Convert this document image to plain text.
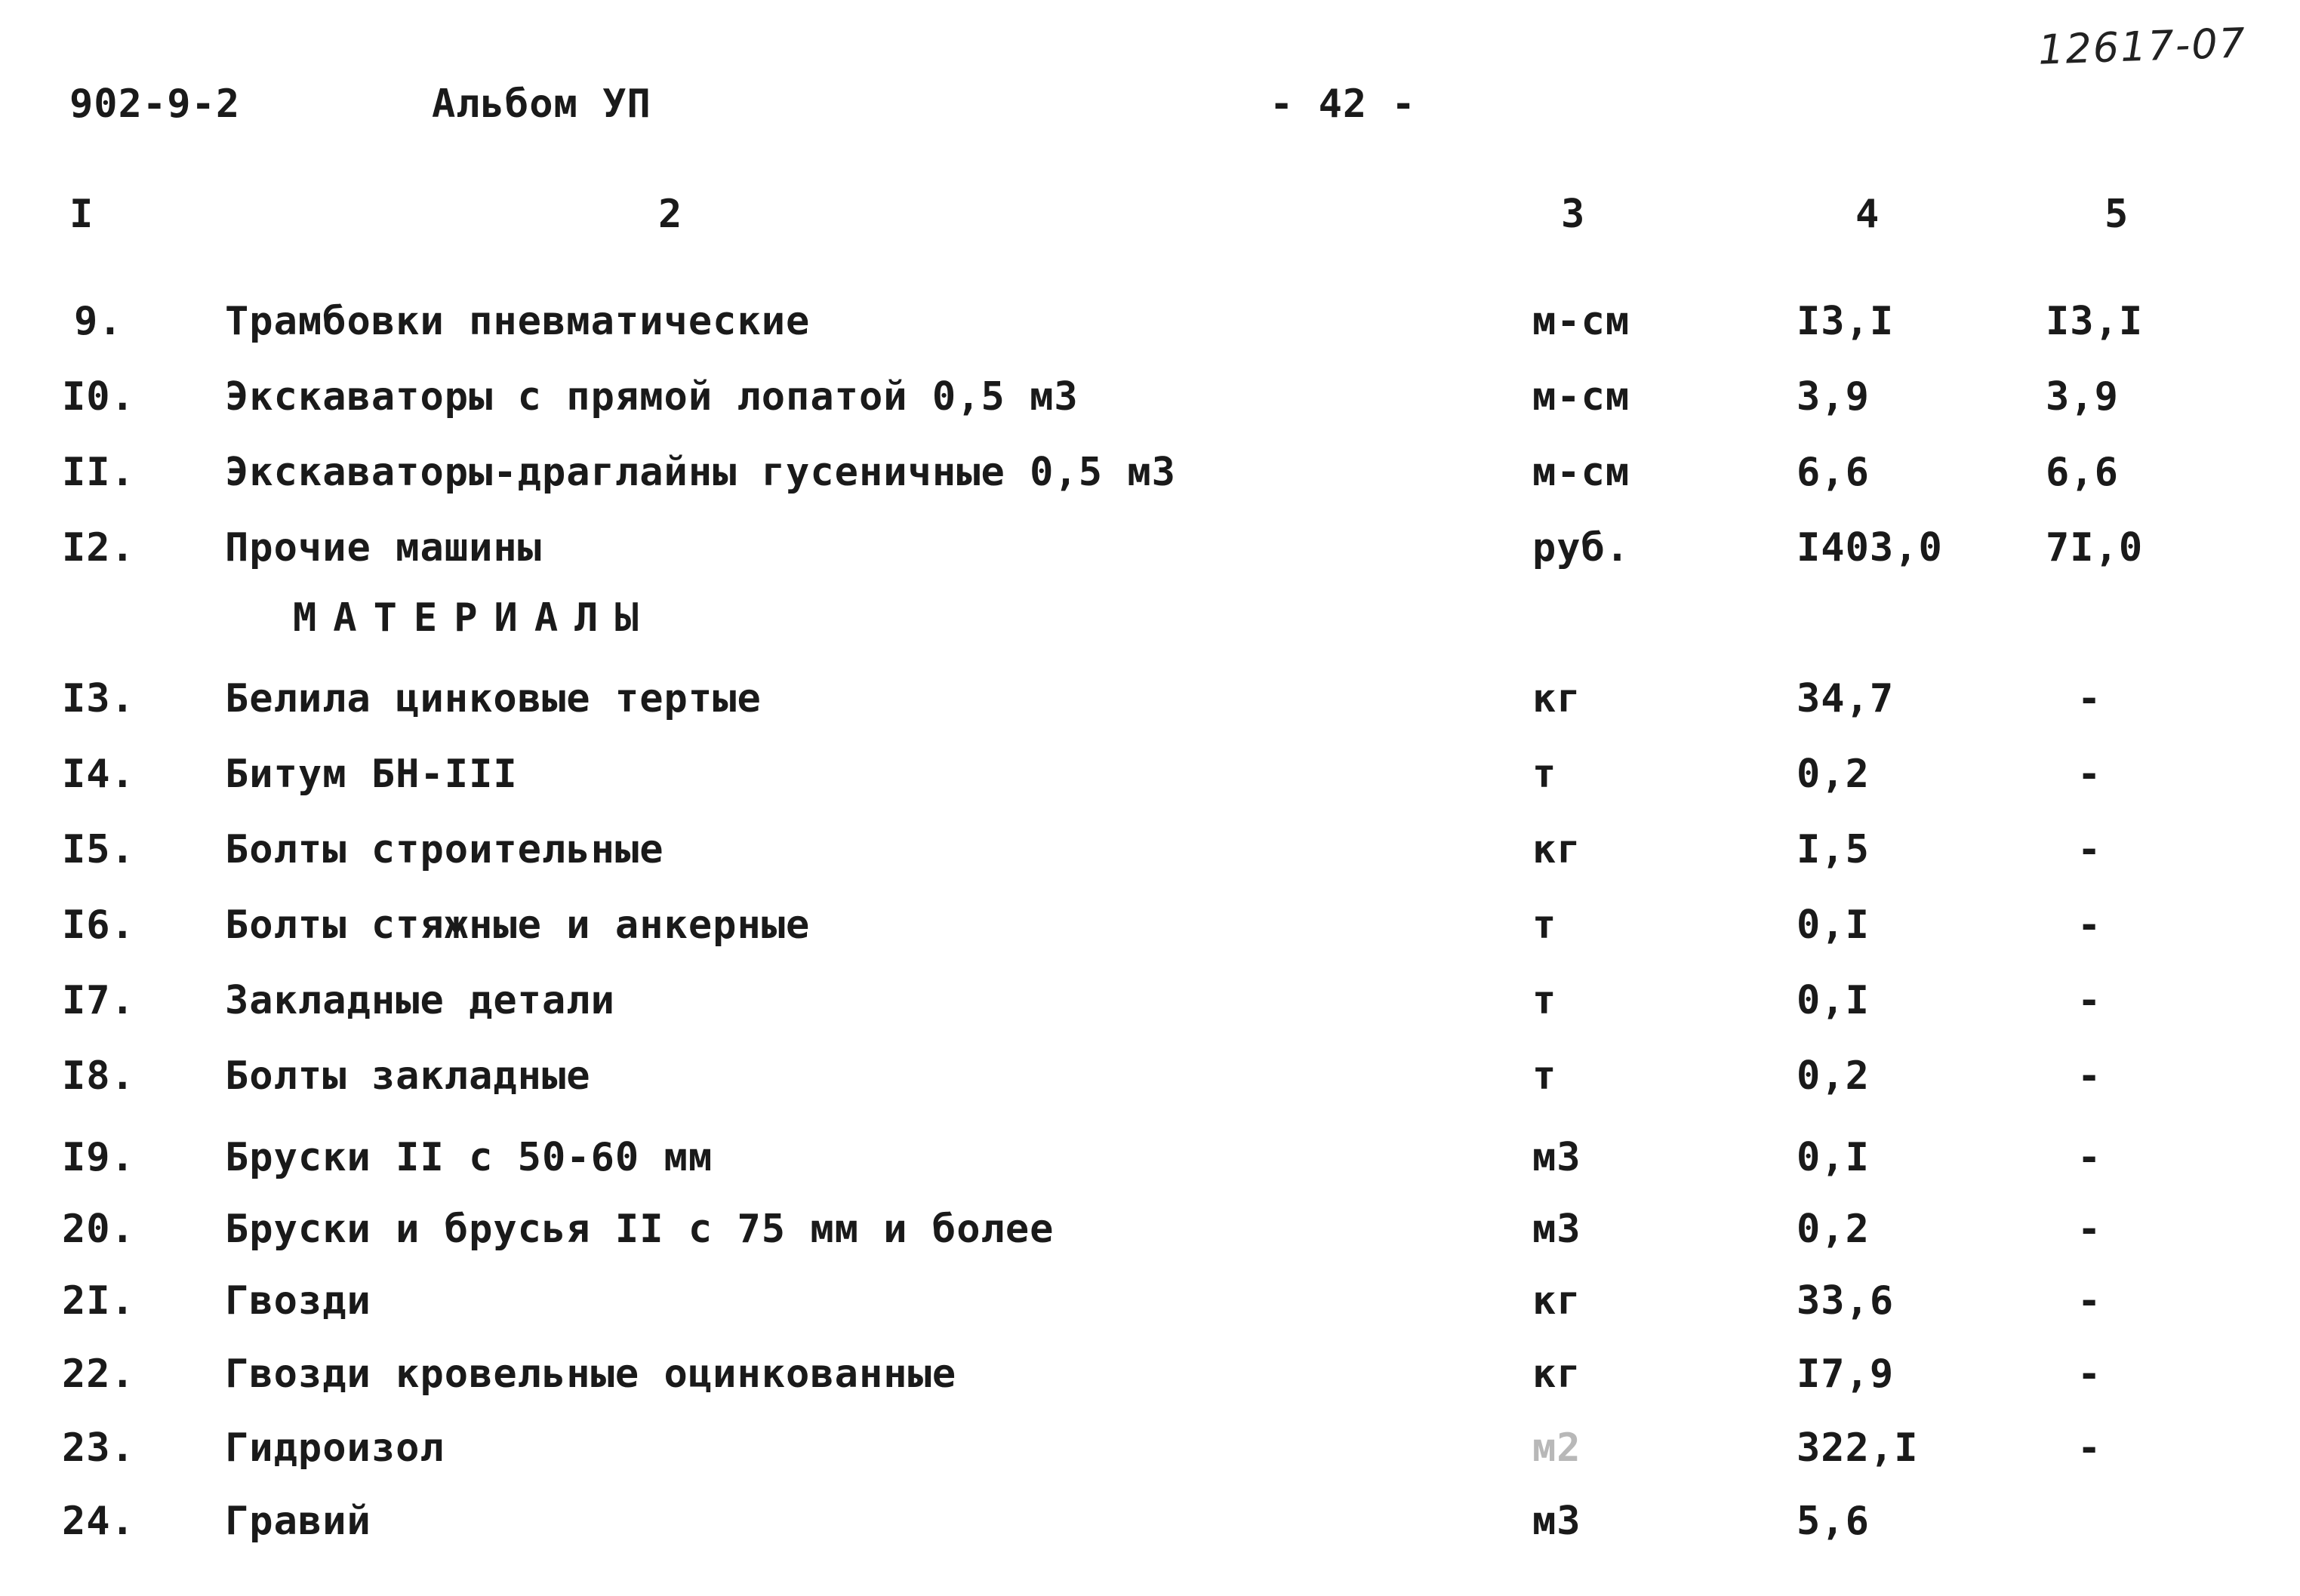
902-9-2	Альбом УП	- 42 -
12617-07
I	2	3	4	5
9.	Трамбовки пневматические	м-см	I3,I	I3,I
I0. Экскаваторы с прямой лопатой 0,5 м3	м-см	3,9	3,9
II. Экскаваторы-драглайны гусеничные 0,5 м3	м-см	6,6	6,6
I2. Прочие машины	руб.	I403,0	7I,0
МАТЕРИАЛЫ
I3. Белила цинковые тертые	кг	34,7	-
I4. Битум БН-III	т	0,2	-
I5. Болты строительные	кг	I,5	-
I6. Болты стяжные и анкерные	т	0,I	-
I7. Закладные детали	т	0,I	-
I8. Болты закладные	т	0,2	-
I9. Бруски II с 50-60 мм	м3	0,I	-
20. Бруски и брусья II с 75 мм и более	м3	0,2	-
2I. Гвозди	кг	33,6	-
22. Гвозди кровельные оцинкованные	кг	I7,9	-
23. Гидроизол	м2	322,I	-
24. Гравий	м3	5,6
